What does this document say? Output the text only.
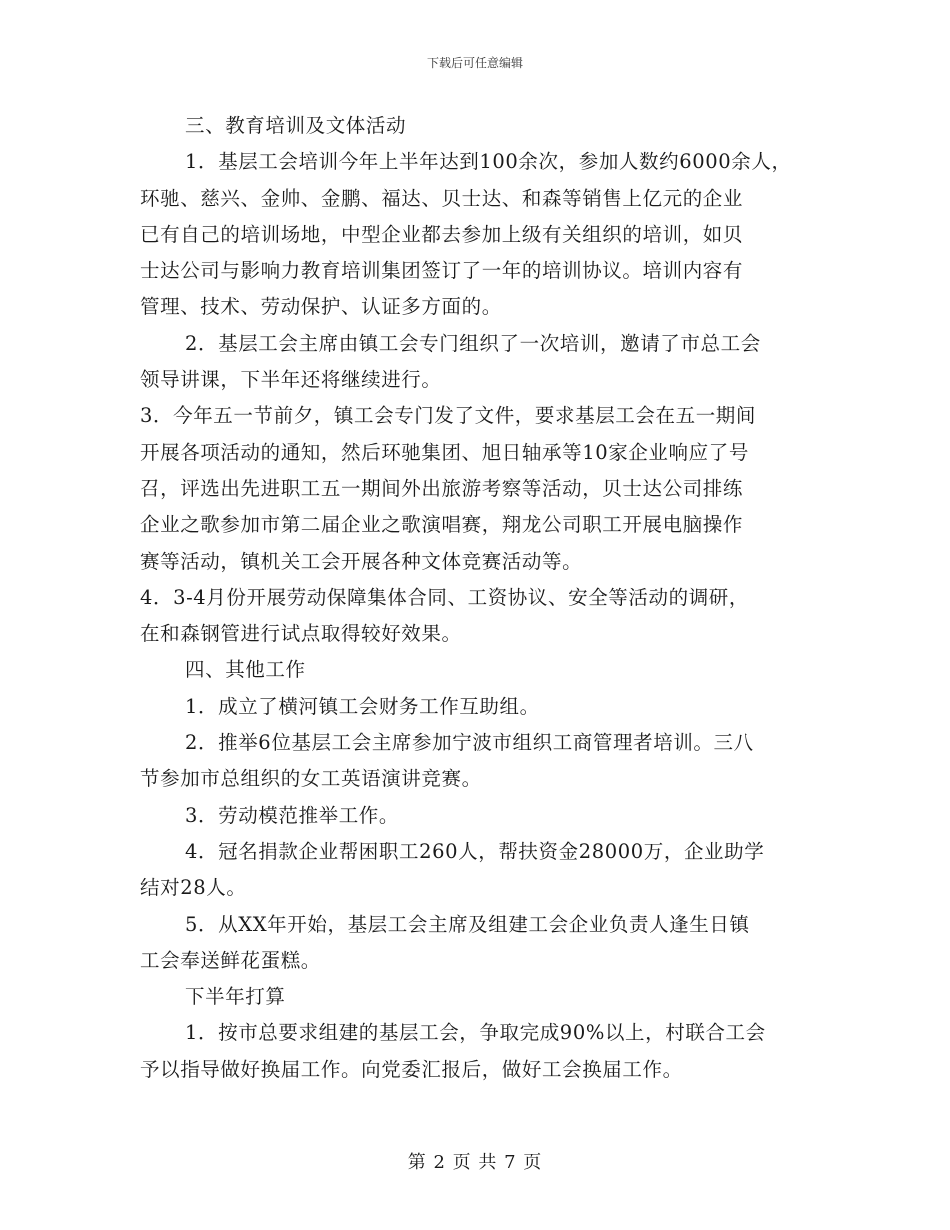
下载后可任意编辑
三、教育培训及文体活动
1．基层工会培训今年上半年达到100余次，参加人数约6000余人，
环驰、慈兴、金帅、金鹏、福达、贝士达、和森等销售上亿元的企业
已有自己的培训场地，中型企业都去参加上级有关组织的培训，如贝
士达公司与影响力教育培训集团签订了一年的培训协议。培训内容有
管理、技术、劳动保护、认证多方面的。
2．基层工会主席由镇工会专门组织了一次培训，邀请了市总工会
领导讲课，下半年还将继续进行。
3．今年五一节前夕，镇工会专门发了文件，要求基层工会在五一期间
开展各项活动的通知，然后环驰集团、旭日轴承等10家企业响应了号
召，评选出先进职工五一期间外出旅游考察等活动，贝士达公司排练
企业之歌参加市第二届企业之歌演唱赛，翔龙公司职工开展电脑操作
赛等活动，镇机关工会开展各种文体竞赛活动等。
4．3-4月份开展劳动保障集体合同、工资协议、安全等活动的调研，
在和森钢管进行试点取得较好效果。
四、其他工作
1．成立了横河镇工会财务工作互助组。
2．推举6位基层工会主席参加宁波市组织工商管理者培训。三八
节参加市总组织的女工英语演讲竞赛。
3．劳动模范推举工作。
4．冠名捐款企业帮困职工260人，帮扶资金28000万，企业助学
结对28人。
5．从XX年开始，基层工会主席及组建工会企业负责人逢生日镇
工会奉送鲜花蛋糕。
下半年打算
1．按市总要求组建的基层工会，争取完成90%以上，村联合工会
予以指导做好换届工作。向党委汇报后，做好工会换届工作。
第 2 页 共 7 页
